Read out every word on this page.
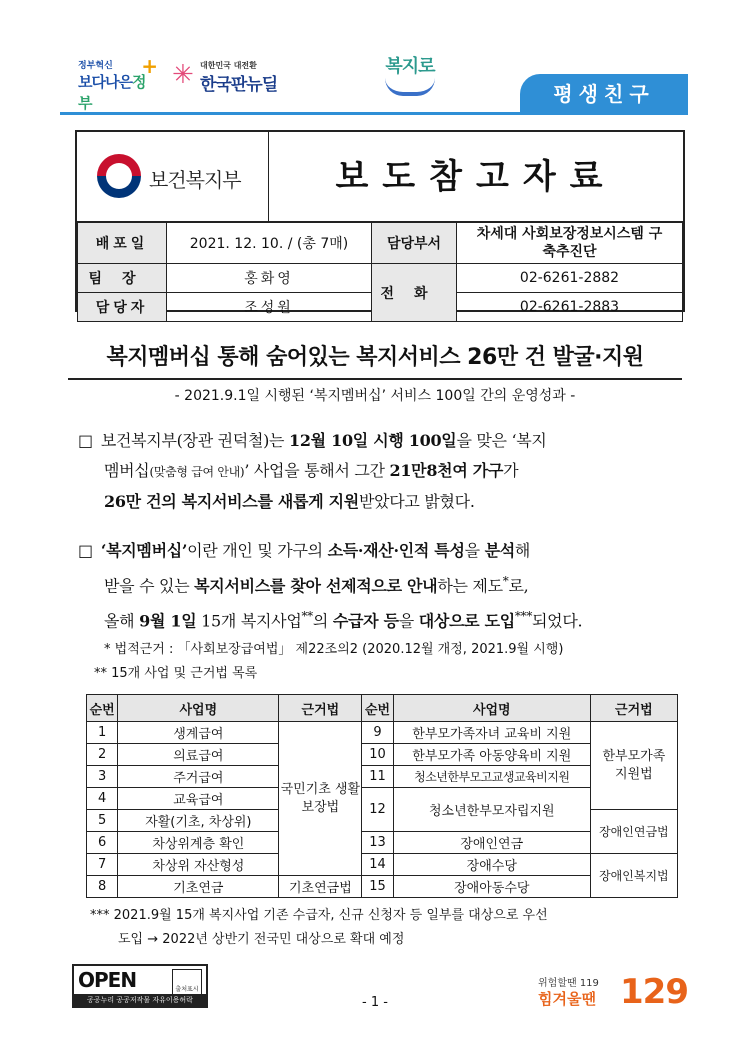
정부혁신
보다나은정부
+ ✳ 대한민국 대전환
한국판뉴딜
복지로
평생친구
보건복지부	보도참고자료
배포일	2021. 12. 10. / (총 7매)	담당부서	차세대 사회보장정보시스템 구축추진단
팀장	홍화영	전화	02-6261-2882
담당자	조성원		02-6261-2883
복지멤버십 통해 숨어있는 복지서비스 26만 건 발굴·지원
- 2021.9.1일 시행된 ‘복지멤버십’ 서비스 100일 간의 운영성과 -
□ 보건복지부(장관 권덕철)는 12월 10일 시행 100일을 맞은 ‘복지
멤버십(맞춤형 급여 안내)’ 사업을 통해서 그간 21만8천여 가구가
26만 건의 복지서비스를 새롭게 지원받았다고 밝혔다.
□ ‘복지멤버십’이란 개인 및 가구의 소득·재산·인적 특성을 분석해
받을 수 있는 복지서비스를 찾아 선제적으로 안내하는 제도*로,
올해 9월 1일 15개 복지사업**의 수급자 등을 대상으로 도입***되었다.
* 법적근거 : 「사회보장급여법」 제22조의2 (2020.12월 개정, 2021.9월 시행)
** 15개 사업 및 근거법 목록
순번	사업명	근거법	순번	사업명	근거법
1	생계급여	국민기초 생활보장법	9	한부모가족자녀 교육비 지원	한부모가족 지원법
2	의료급여		10	한부모가족 아동양육비 지원	
3	주거급여		11	청소년한부모고교생교육비지원	
4	교육급여		12	청소년한부모자립지원	
5	자활(기초, 차상위)				장애인연금법
6	차상위계층 확인		13	장애인연금	
7	차상위 자산형성		14	장애수당	장애인복지법
8	기초연금	기초연금법	15	장애아동수당	
*** 2021.9월 15개 복지사업 기존 수급자, 신규 신청자 등 일부를 대상으로 우선
도입 → 2022년 상반기 전국민 대상으로 확대 예정
OPEN	출처표시
공공누리 공공저작물 자유이용허락	- 1 -
위험할땐 119
힘겨울땐 129
